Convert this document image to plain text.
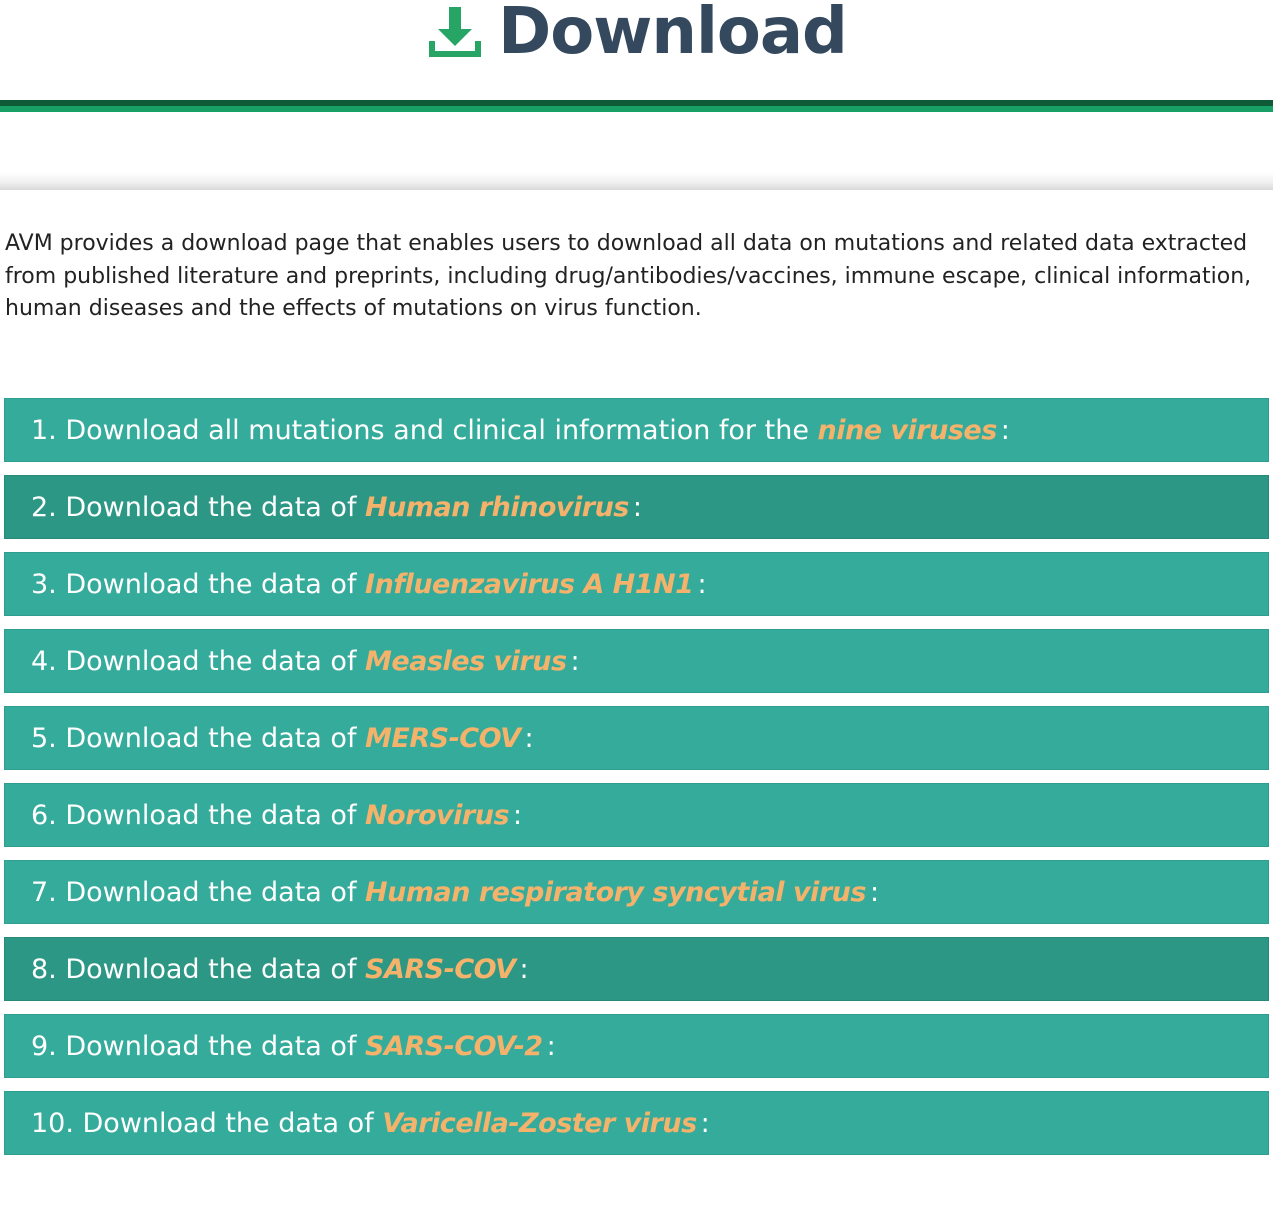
Download

AVM provides a download page that enables users to download all data on mutations and related data extracted from published literature and preprints, including drug/antibodies/vaccines, immune escape, clinical information, human diseases and the effects of mutations on virus function.

1. Download all mutations and clinical information for the nine viruses :
2. Download the data of Human rhinovirus :
3. Download the data of Influenzavirus A H1N1 :
4. Download the data of Measles virus :
5. Download the data of MERS-COV :
6. Download the data of Norovirus :
7. Download the data of Human respiratory syncytial virus :
8. Download the data of SARS-COV :
9. Download the data of SARS-COV-2 :
10. Download the data of Varicella-Zoster virus :
